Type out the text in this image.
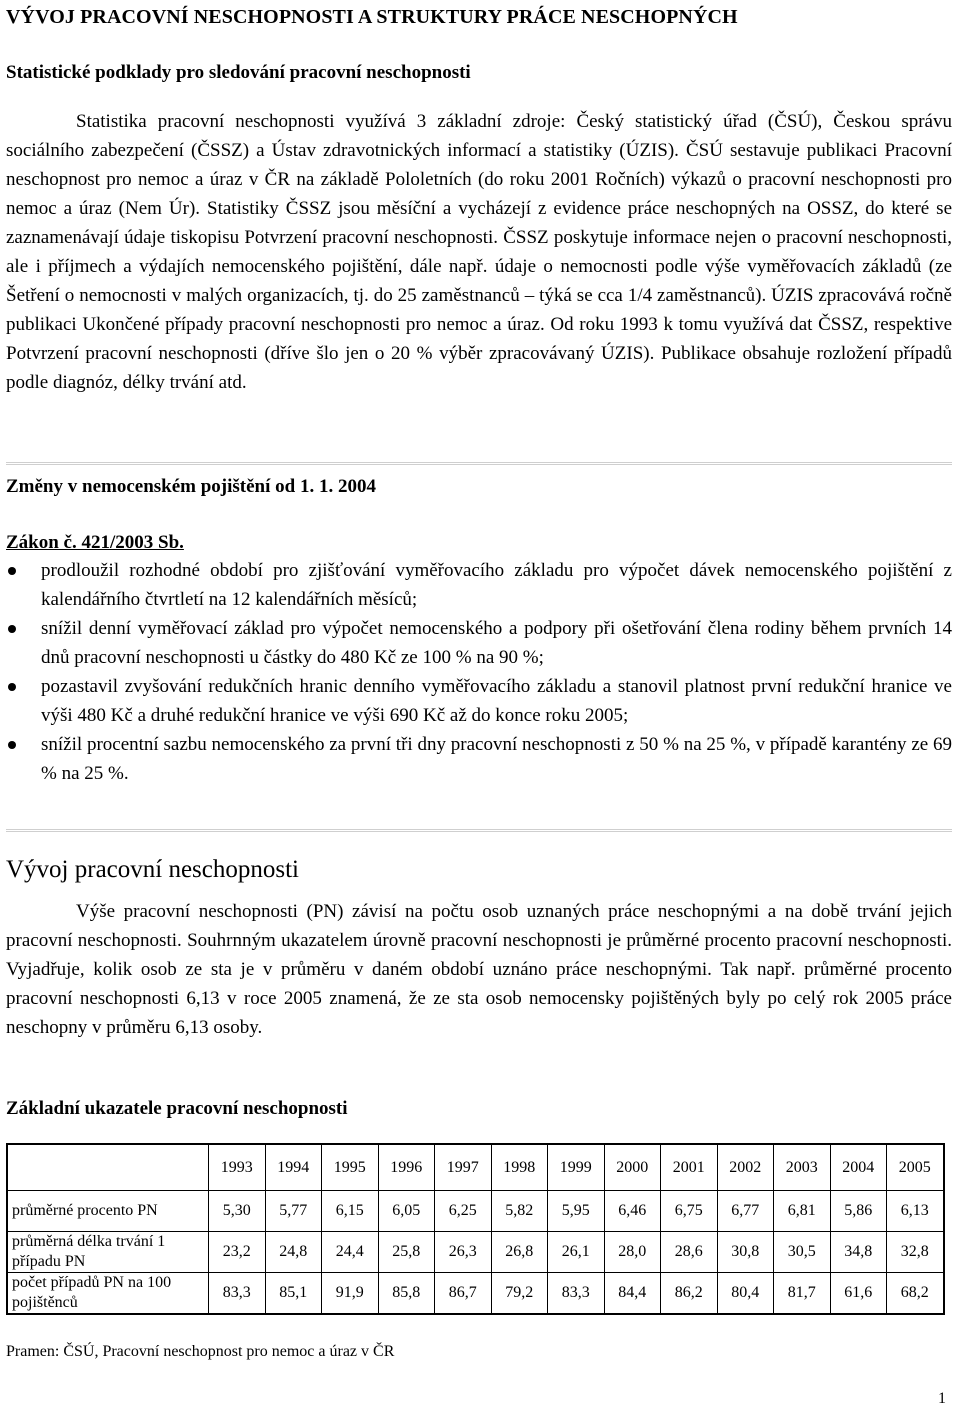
VÝVOJ PRACOVNÍ NESCHOPNOSTI A STRUKTURY PRÁCE NESCHOPNÝCH
Statistické podklady pro sledování pracovní neschopnosti

Statistika pracovní neschopnosti využívá 3 základní zdroje: Český statistický úřad (ČSÚ), Českou správu sociálního zabezpečení (ČSSZ) a Ústav zdravotnických informací a statistiky (ÚZIS). ČSÚ sestavuje publikaci Pracovní neschopnost pro nemoc a úraz v ČR na základě Pololetních (do roku 2001 Ročních) výkazů o pracovní neschopnosti pro nemoc a úraz (Nem Úr). Statistiky ČSSZ jsou měsíční a vycházejí z evidence práce neschopných na OSSZ, do které se zaznamenávají údaje tiskopisu Potvrzení pracovní neschopnosti. ČSSZ poskytuje informace nejen o pracovní neschopnosti, ale i příjmech a výdajích nemocenského pojištění, dále např. údaje o nemocnosti podle výše vyměřovacích základů (ze Šetření o nemocnosti v malých organizacích, tj. do 25 zaměstnanců – týká se cca 1/4 zaměstnanců). ÚZIS zpracovává ročně publikaci Ukončené případy pracovní neschopnosti pro nemoc a úraz. Od roku 1993 k tomu využívá dat ČSSZ, respektive Potvrzení pracovní neschopnosti (dříve šlo jen o 20 % výběr zpracovávaný ÚZIS). Publikace obsahuje rozložení případů podle diagnóz, délky trvání atd.

Změny v nemocenském pojištění od 1. 1. 2004
Zákon č. 421/2003 Sb.
prodloužil rozhodné období pro zjišťování vyměřovacího základu pro výpočet dávek nemocenského pojištění z kalendářního čtvrtletí na 12 kalendářních měsíců;
snížil denní vyměřovací základ pro výpočet nemocenského a podpory při ošetřování člena rodiny během prvních 14 dnů pracovní neschopnosti u částky do 480 Kč ze 100 % na 90 %;
pozastavil zvyšování redukčních hranic denního vyměřovacího základu a stanovil platnost první redukční hranice ve výši 480 Kč a druhé redukční hranice ve výši 690 Kč až do konce roku 2005;
snížil procentní sazbu nemocenského za první tři dny pracovní neschopnosti z 50 % na 25 %, v případě karantény ze 69 % na 25 %.
Vývoj pracovní neschopnosti

Výše pracovní neschopnosti (PN) závisí na počtu osob uznaných práce neschopnými a na době trvání jejich pracovní neschopnosti. Souhrnným ukazatelem úrovně pracovní neschopnosti je průměrné procento pracovní neschopnosti. Vyjadřuje, kolik osob ze sta je v průměru v daném období uznáno práce neschopnými. Tak např. průměrné procento pracovní neschopnosti 6,13 v roce 2005 znamená, že ze sta osob nemocensky pojištěných byly po celý rok 2005 práce neschopny v průměru 6,13 osoby.

Základní ukazatele pracovní neschopnosti
	1993	1994	1995	1996	1997	1998	1999	2000	2001	2002	2003	2004	2005
průměrné procento PN	5,30	5,77	6,15	6,05	6,25	5,82	5,95	6,46	6,75	6,77	6,81	5,86	6,13
průměrná délka trvání 1 případu PN	23,2	24,8	24,4	25,8	26,3	26,8	26,1	28,0	28,6	30,8	30,5	34,8	32,8
počet případů PN na 100 pojištěnců	83,3	85,1	91,9	85,8	86,7	79,2	83,3	84,4	86,2	80,4	81,7	61,6	68,2
Pramen: ČSÚ, Pracovní neschopnost pro nemoc a úraz v ČR
1
